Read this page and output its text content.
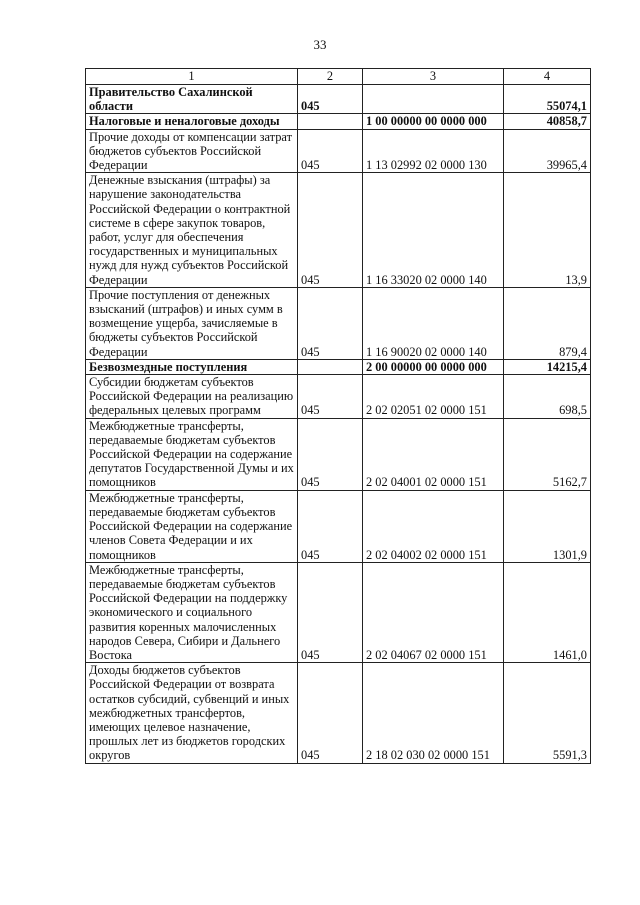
33
1	2	3	4
Правительство Сахалинской области	045		55074,1
Налоговые и неналоговые доходы		1 00 00000 00 0000 000	40858,7
Прочие доходы от компенсации затрат бюджетов субъектов Российской Федерации	045	1 13 02992 02 0000 130	39965,4
Денежные взыскания (штрафы) за нарушение законодательства Российской Федерации о контрактной системе в сфере закупок товаров, работ, услуг для обеспечения государственных и муниципальных нужд для нужд субъектов Российской Федерации	045	1 16 33020 02 0000 140	13,9
Прочие поступления от денежных взысканий (штрафов) и иных сумм в возмещение ущерба, зачисляемые в бюджеты субъектов Российской Федерации	045	1 16 90020 02 0000 140	879,4
Безвозмездные поступления		2 00 00000 00 0000 000	14215,4
Субсидии бюджетам субъектов Российской Федерации на реализацию федеральных целевых программ	045	2 02 02051 02 0000 151	698,5
Межбюджетные трансферты, передаваемые бюджетам субъектов Российской Федерации на содержание депутатов Государственной Думы и их помощников	045	2 02 04001 02 0000 151	5162,7
Межбюджетные трансферты, передаваемые бюджетам субъектов Российской Федерации на содержание членов Совета Федерации и их помощников	045	2 02 04002 02 0000 151	1301,9
Межбюджетные трансферты, передаваемые бюджетам субъектов Российской Федерации на поддержку экономического и социального развития коренных малочисленных народов Севера, Сибири и Дальнего Востока	045	2 02 04067 02 0000 151	1461,0
Доходы бюджетов субъектов Российской Федерации от возврата остатков субсидий, субвенций и иных межбюджетных трансфертов, имеющих целевое назначение, прошлых лет из бюджетов городских округов	045	2 18 02 030 02 0000 151	5591,3
